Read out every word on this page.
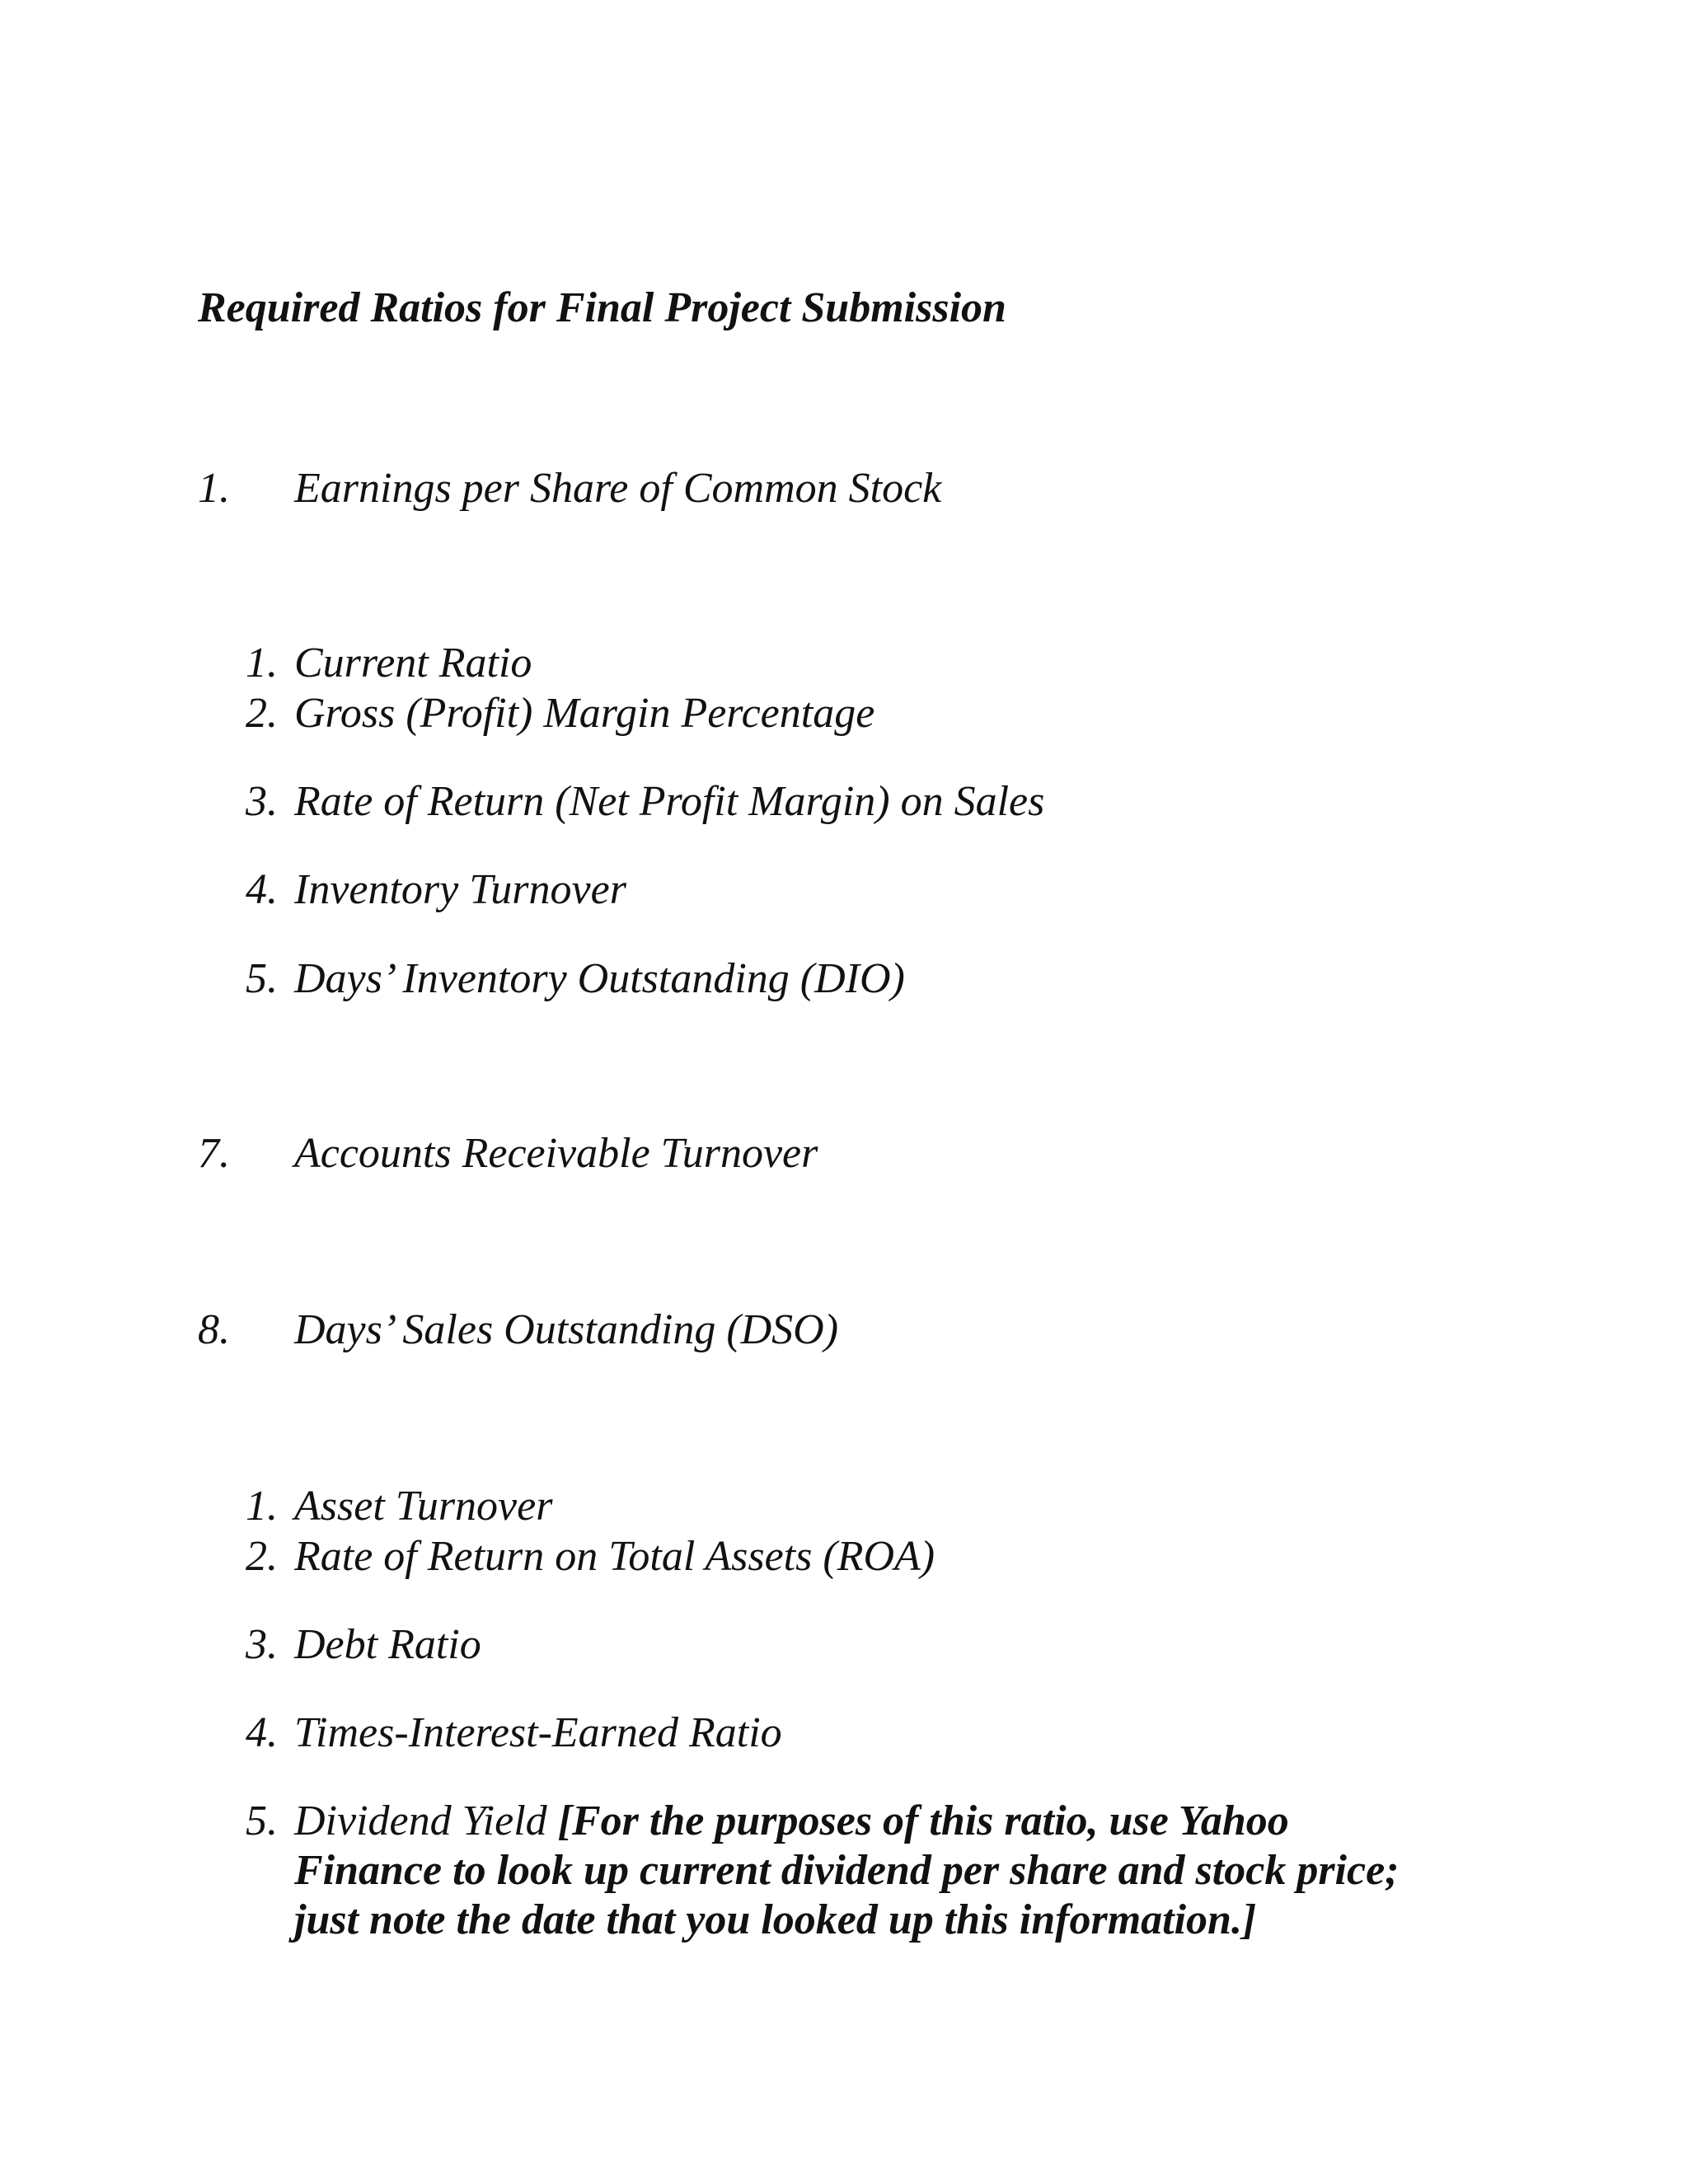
Required Ratios for Final Project Submission
1. Earnings per Share of Common Stock
1. Current Ratio
2. Gross (Profit) Margin Percentage
3. Rate of Return (Net Profit Margin) on Sales
4. Inventory Turnover
5. Days’ Inventory Outstanding (DIO)
7. Accounts Receivable Turnover
8. Days’ Sales Outstanding (DSO)
1. Asset Turnover
2. Rate of Return on Total Assets (ROA)
3. Debt Ratio
4. Times-Interest-Earned Ratio
5. Dividend Yield [For the purposes of this ratio, use Yahoo
Finance to look up current dividend per share and stock price;
just note the date that you looked up this information.]
